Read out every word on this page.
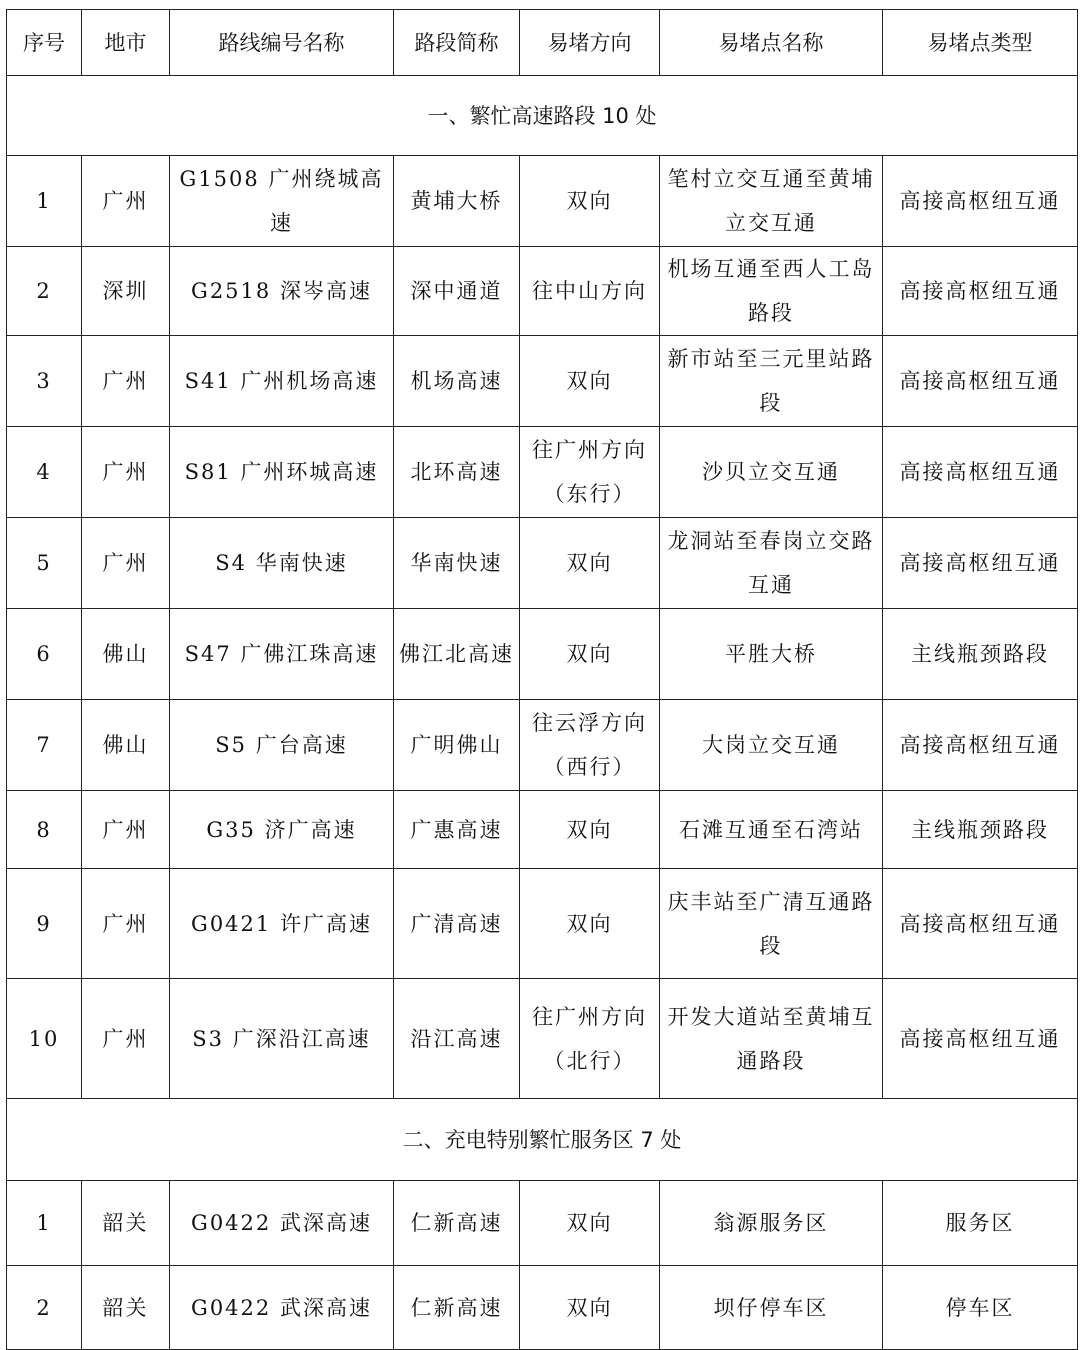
序号	地市	路线编号名称	路段简称	易堵方向	易堵点名称	易堵点类型
一、繁忙高速路段 10 处						
1	广州	G1508 广州绕城高速	黄埔大桥	双向	笔村立交互通至黄埔立交互通	高接高枢纽互通
2	深圳	G2518 深岑高速	深中通道	往中山方向	机场互通至西人工岛路段	高接高枢纽互通
3	广州	S41 广州机场高速	机场高速	双向	新市站至三元里站路段	高接高枢纽互通
4	广州	S81 广州环城高速	北环高速	往广州方向（东行）	沙贝立交互通	高接高枢纽互通
5	广州	S4 华南快速	华南快速	双向	龙洞站至春岗立交路互通	高接高枢纽互通
6	佛山	S47 广佛江珠高速	佛江北高速	双向	平胜大桥	主线瓶颈路段
7	佛山	S5 广台高速	广明佛山	往云浮方向（西行）	大岗立交互通	高接高枢纽互通
8	广州	G35 济广高速	广惠高速	双向	石滩互通至石湾站	主线瓶颈路段
9	广州	G0421 许广高速	广清高速	双向	庆丰站至广清互通路段	高接高枢纽互通
10	广州	S3 广深沿江高速	沿江高速	往广州方向（北行）	开发大道站至黄埔互通路段	高接高枢纽互通
二、充电特别繁忙服务区 7 处						
1	韶关	G0422 武深高速	仁新高速	双向	翁源服务区	服务区
2	韶关	G0422 武深高速	仁新高速	双向	坝仔停车区	停车区
